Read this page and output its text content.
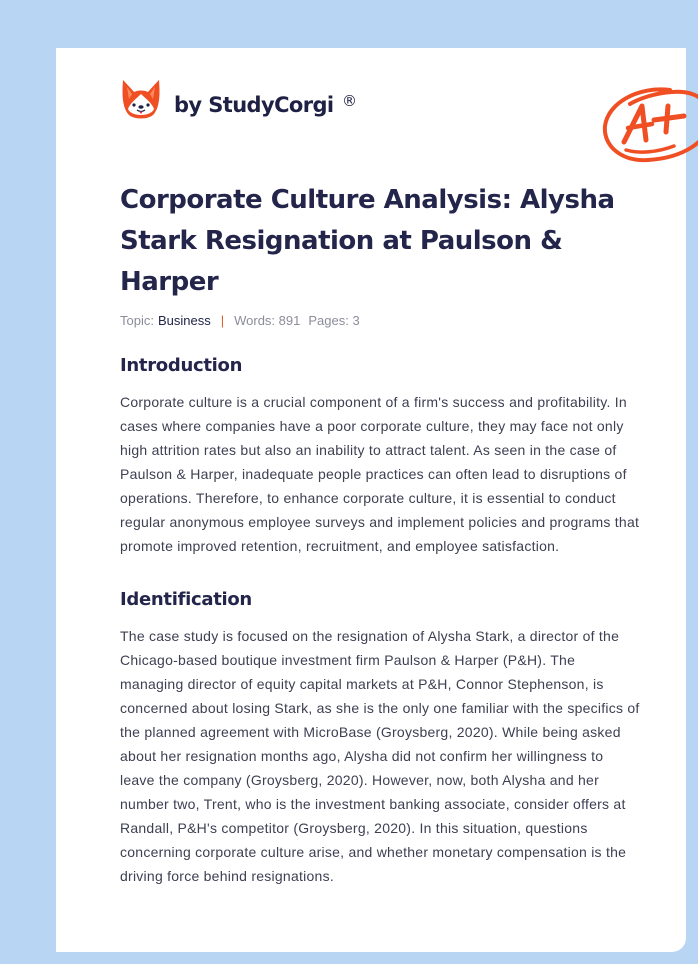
by StudyCorgi ®
Corporate Culture Analysis: Alysha Stark Resignation at Paulson & Harper
Topic: Business | Words: 891 Pages: 3
Introduction

Corporate culture is a crucial component of a firm's success and profitability. In cases where companies have a poor corporate culture, they may face not only high attrition rates but also an inability to attract talent. As seen in the case of Paulson & Harper, inadequate people practices can often lead to disruptions of operations. Therefore, to enhance corporate culture, it is essential to conduct regular anonymous employee surveys and implement policies and programs that promote improved retention, recruitment, and employee satisfaction.

Identification

The case study is focused on the resignation of Alysha Stark, a director of the Chicago-based boutique investment firm Paulson & Harper (P&H). The managing director of equity capital markets at P&H, Connor Stephenson, is concerned about losing Stark, as she is the only one familiar with the specifics of the planned agreement with MicroBase (Groysberg, 2020). While being asked about her resignation months ago, Alysha did not confirm her willingness to leave the company (Groysberg, 2020). However, now, both Alysha and her number two, Trent, who is the investment banking associate, consider offers at Randall, P&H's competitor (Groysberg, 2020). In this situation, questions concerning corporate culture arise, and whether monetary compensation is the driving force behind resignations.
